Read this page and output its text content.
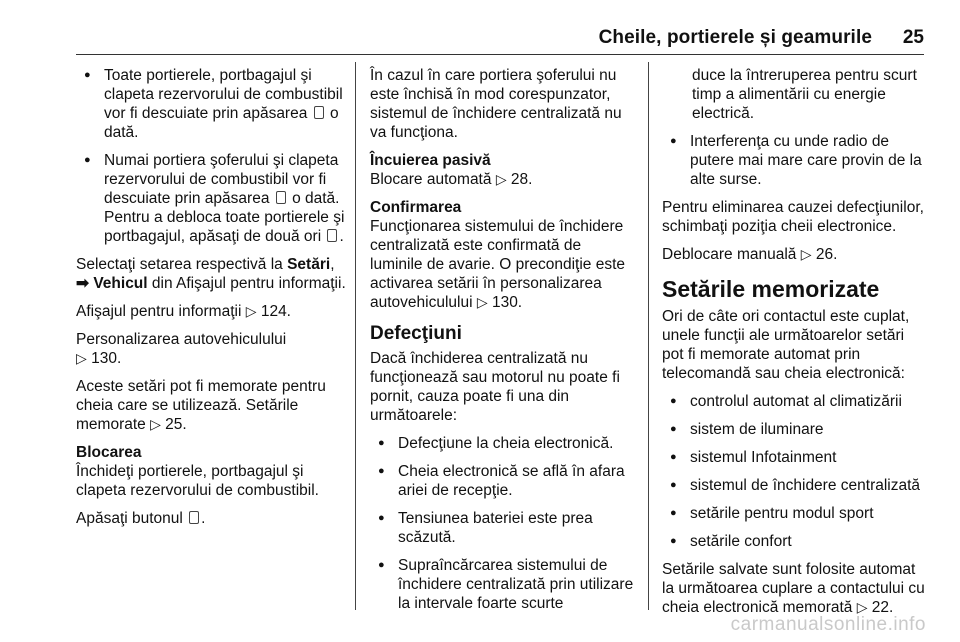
Cheile, portierele și geamurile 25
● Toate portierele, portbagajul şi clapeta rezervorului de combustibil vor fi descuiate prin apăsarea  o dată.
● Numai portiera şoferului şi clapeta rezervorului de combustibil vor fi descuiate prin apăsarea  o dată. Pentru a debloca toate portierele şi portbagajul, apăsaţi de două ori .

Selectaţi setarea respectivă la Setări,
➡ Vehicul din Afişajul pentru informaţii.

Afişajul pentru informaţii ▷ 124.

Personalizarea autovehiculului
▷ 130.

Aceste setări pot fi memorate pentru cheia care se utilizează. Setările memorate ▷ 25.

Blocarea

Închideţi portierele, portbagajul şi clapeta rezervorului de combustibil.

Apăsaţi butonul .

În cazul în care portiera şoferului nu este închisă în mod corespunzator, sistemul de închidere centralizată nu va funcţiona.

Încuierea pasivă

Blocare automată ▷ 28.

Confirmarea

Funcţionarea sistemului de închidere centralizată este confirmată de luminile de avarie. O precondiţie este activarea setării în personalizarea autovehiculului ▷ 130.

Defecţiuni

Dacă închiderea centralizată nu funcţionează sau motorul nu poate fi pornit, cauza poate fi una din următoarele:

● Defecţiune la cheia electronică.
● Cheia electronică se află în afara ariei de recepţie.
● Tensiunea bateriei este prea scăzută.
● Supraîncărcarea sistemului de închidere centralizată prin utilizare la intervale foarte scurte
duce la întreruperea pentru scurt timp a alimentării cu energie electrică.
● Interferenţa cu unde radio de putere mai mare care provin de la alte surse.

Pentru eliminarea cauzei defecţiunilor, schimbaţi poziţia cheii electronice.

Deblocare manuală ▷ 26.

Setările memorizate

Ori de câte ori contactul este cuplat, unele funcţii ale următoarelor setări pot fi memorate automat prin telecomandă sau cheia electronică:

● controlul automat al climatizării
● sistem de iluminare
● sistemul Infotainment
● sistemul de închidere centralizată
● setările pentru modul sport
● setările confort

Setările salvate sunt folosite automat la următoarea cuplare a contactului cu cheia electronică memorată ▷ 22.

carmanualsonline.info
